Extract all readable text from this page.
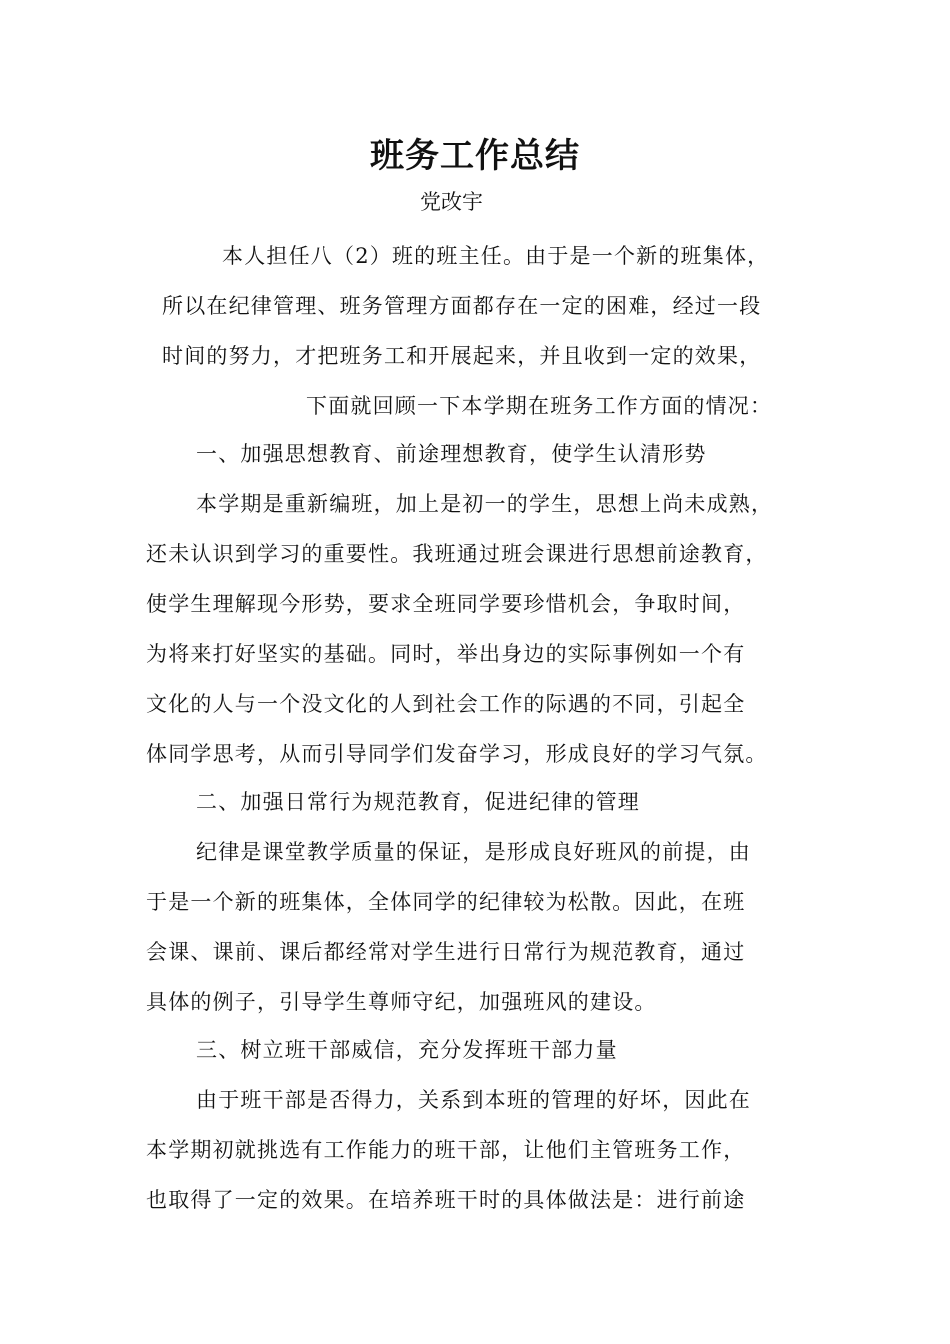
班务工作总结
党改宇
本人担任八（2）班的班主任。由于是一个新的班集体，
所以在纪律管理、班务管理方面都存在一定的困难，经过一段
时间的努力，才把班务工和开展起来，并且收到一定的效果，
下面就回顾一下本学期在班务工作方面的情况：
一、加强思想教育、前途理想教育，使学生认清形势
本学期是重新编班，加上是初一的学生，思想上尚未成熟，
还未认识到学习的重要性。我班通过班会课进行思想前途教育，
使学生理解现今形势，要求全班同学要珍惜机会，争取时间，
为将来打好坚实的基础。同时，举出身边的实际事例如一个有
文化的人与一个没文化的人到社会工作的际遇的不同，引起全
体同学思考，从而引导同学们发奋学习，形成良好的学习气氛。
二、加强日常行为规范教育，促进纪律的管理
纪律是课堂教学质量的保证，是形成良好班风的前提，由
于是一个新的班集体，全体同学的纪律较为松散。因此，在班
会课、课前、课后都经常对学生进行日常行为规范教育，通过
具体的例子，引导学生尊师守纪，加强班风的建设。
三、树立班干部威信，充分发挥班干部力量
由于班干部是否得力，关系到本班的管理的好坏，因此在
本学期初就挑选有工作能力的班干部，让他们主管班务工作，
也取得了一定的效果。在培养班干时的具体做法是：进行前途
